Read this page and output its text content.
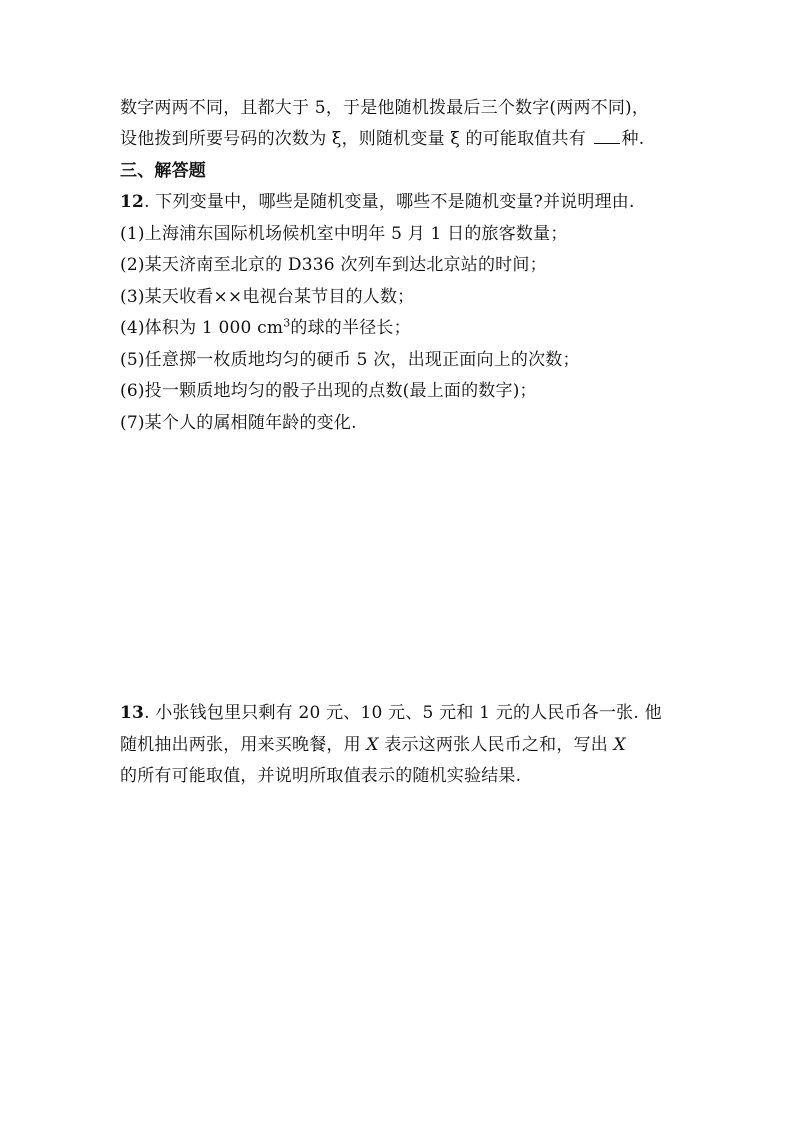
数字两两不同，且都大于 5，于是他随机拨最后三个数字(两两不同)，
设他拨到所要号码的次数为 ξ，则随机变量 ξ 的可能取值共有 种.
三、解答题
12. 下列变量中，哪些是随机变量，哪些不是随机变量?并说明理由.
(1)上海浦东国际机场候机室中明年 5 月 1 日的旅客数量；
(2)某天济南至北京的 D336 次列车到达北京站的时间；
(3)某天收看××电视台某节目的人数；
(4)体积为 1 000 $cm^3$的球的半径长；
(5)任意掷一枚质地均匀的硬币 5 次，出现正面向上的次数；
(6)投一颗质地均匀的骰子出现的点数(最上面的数字)；
(7)某个人的属相随年龄的变化.
13. 小张钱包里只剩有 20 元、10 元、5 元和 1 元的人民币各一张. 他
随机抽出两张，用来买晚餐，用 X 表示这两张人民币之和，写出 X
的所有可能取值，并说明所取值表示的随机实验结果.
